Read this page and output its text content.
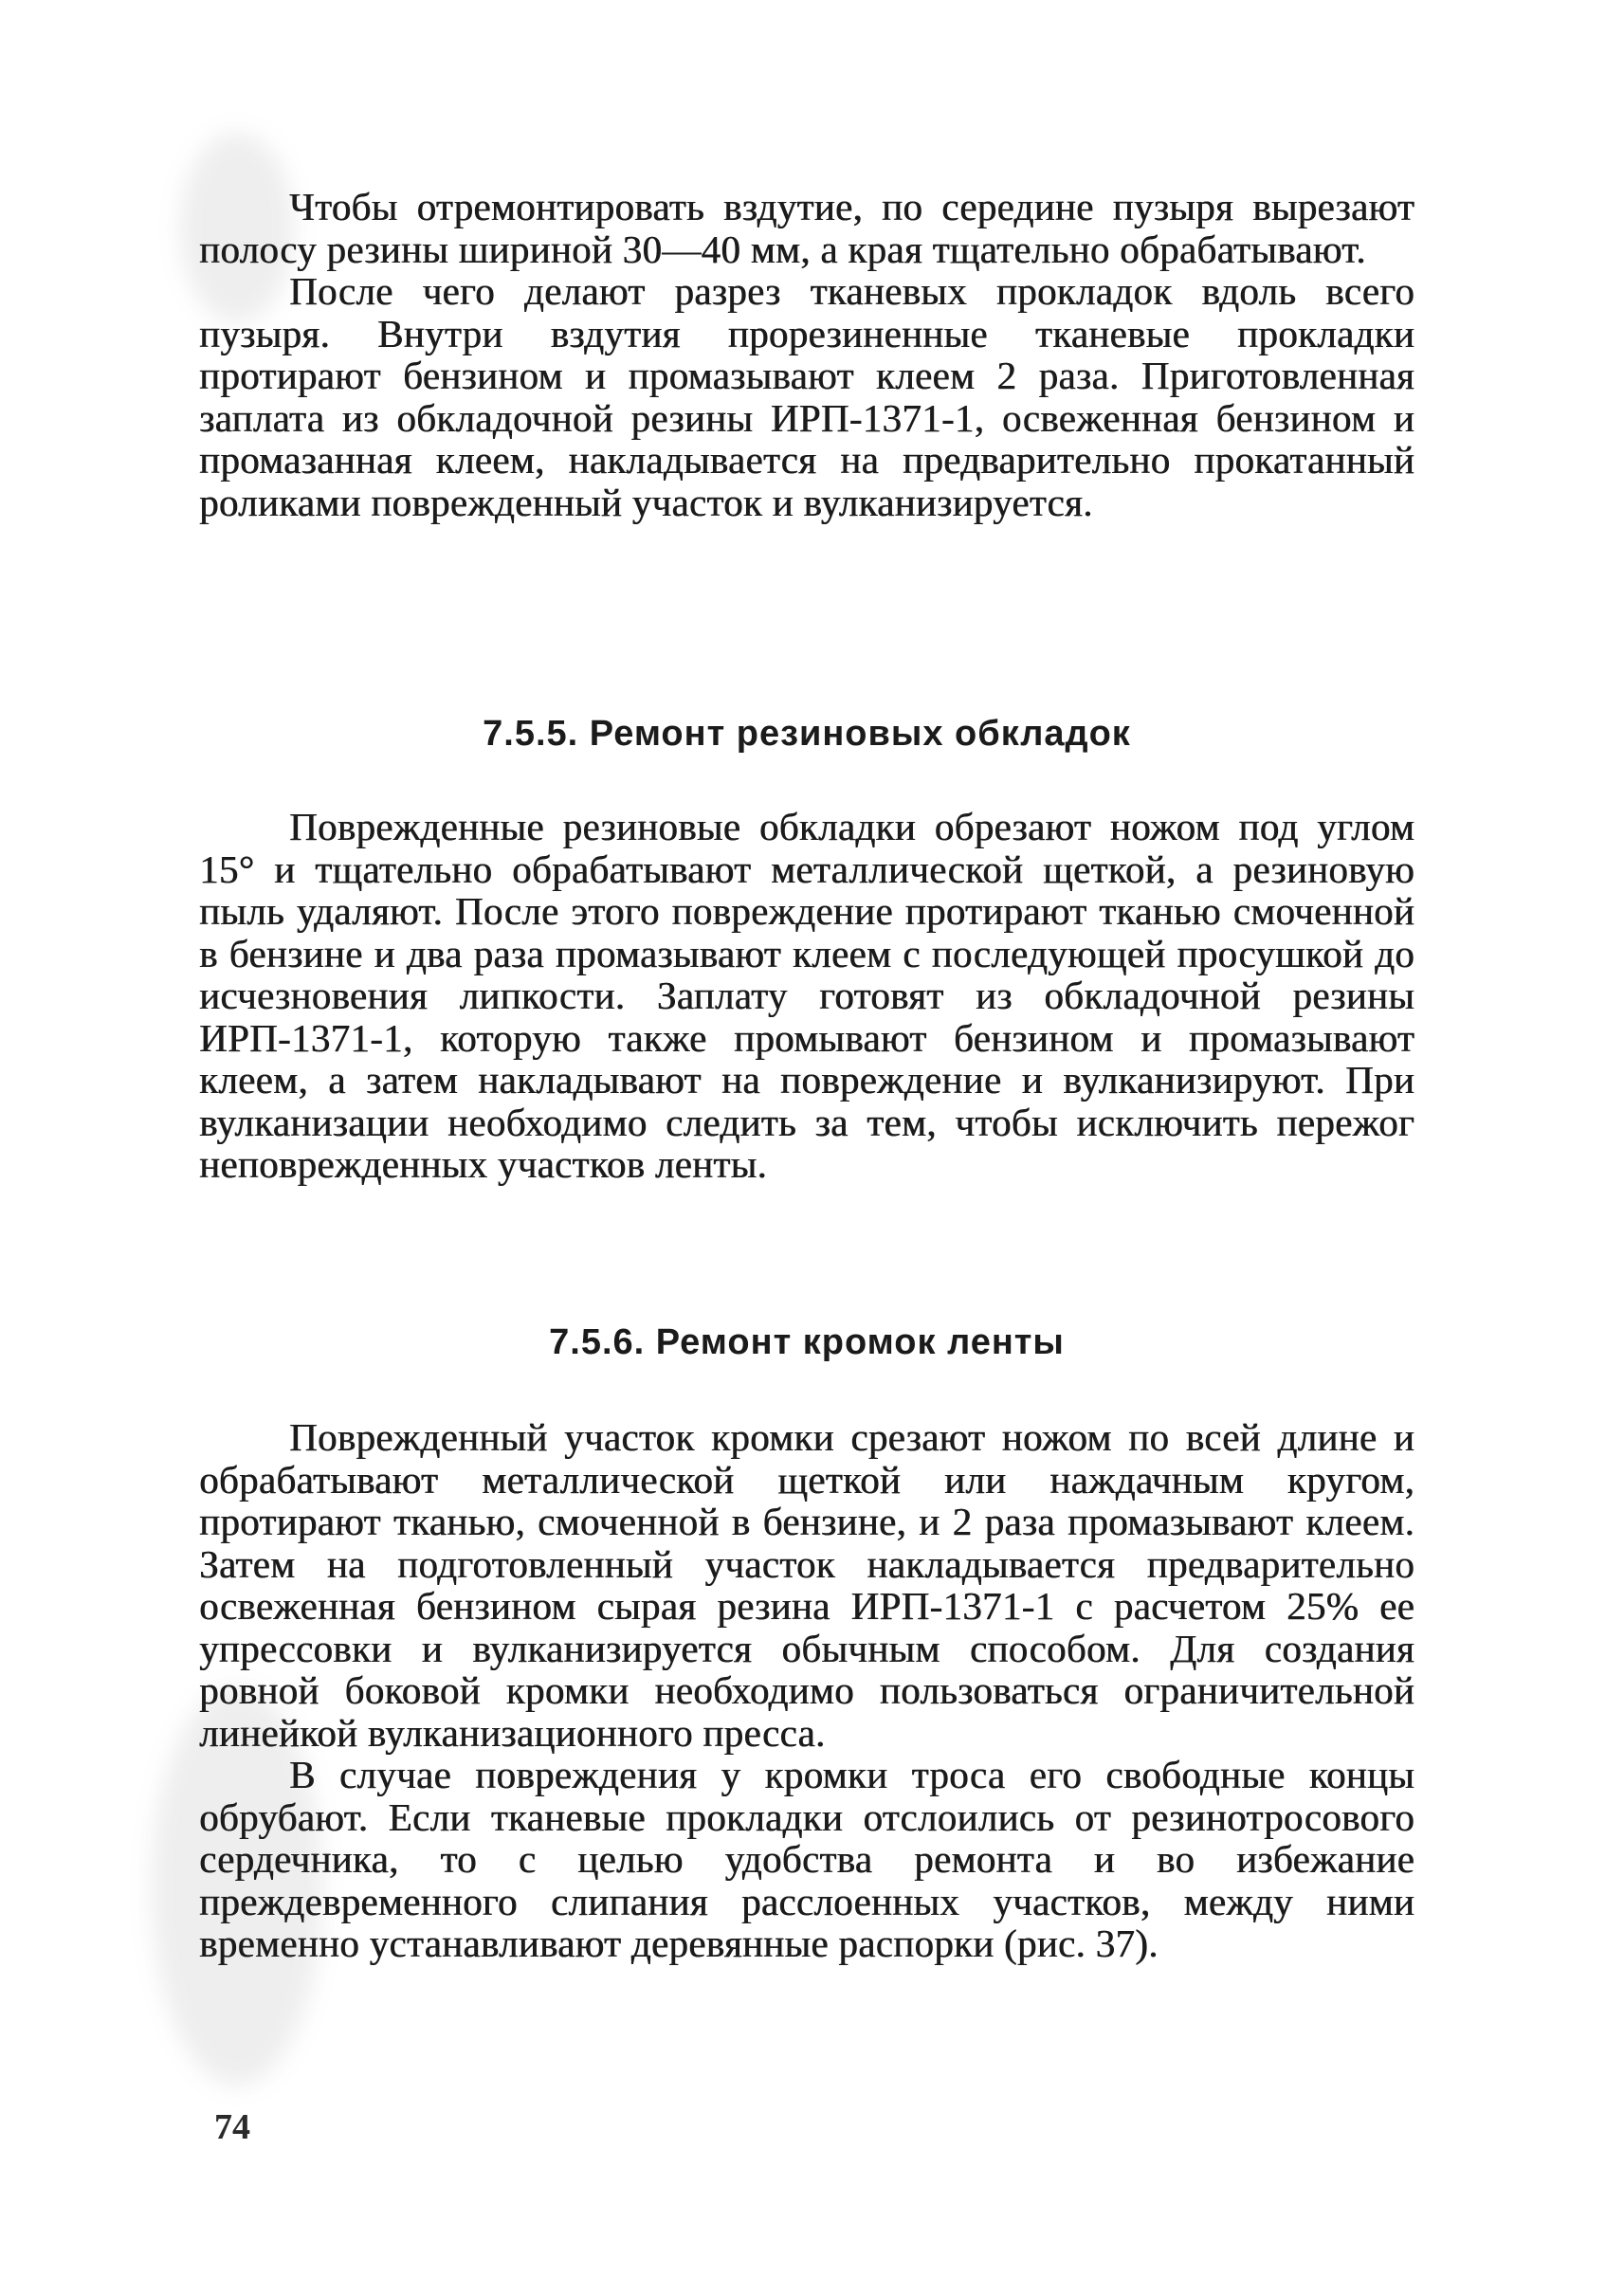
Чтобы отремонтировать вздутие, по середине пузыря вырезают полосу резины шириной 30—40 мм, а края тщательно обрабатывают.

После чего делают разрез тканевых прокладок вдоль всего пузыря. Внутри вздутия прорезиненные тканевые прокладки протирают бензином и промазывают клеем 2 раза. Приготовленная заплата из обкладочной резины ИРП-1371-1, освеженная бензином и промазанная клеем, накладывается на предварительно прокатанный роликами поврежденный участок и вулканизируется.

7.5.5. Ремонт резиновых обкладок

Поврежденные резиновые обкладки обрезают ножом под углом 15° и тщательно обрабатывают металлической щеткой, а резиновую пыль удаляют. После этого повреждение протирают тканью смоченной в бензине и два раза промазывают клеем с последующей просушкой до исчезновения липкости. Заплату готовят из обкладочной резины ИРП-1371-1, которую также промывают бензином и промазывают клеем, а затем накладывают на повреждение и вулканизируют. При вулканизации необходимо следить за тем, чтобы исключить пережог неповрежденных участков ленты.

7.5.6. Ремонт кромок ленты

Поврежденный участок кромки срезают ножом по всей длине и обрабатывают металлической щеткой или наждачным кругом, протирают тканью, смоченной в бензине, и 2 раза промазывают клеем. Затем на подготовленный участок накладывается предварительно освеженная бензином сырая резина ИРП-1371-1 с расчетом 25% ее упрессовки и вулканизируется обычным способом. Для создания ровной боковой кромки необходимо пользоваться ограничительной линейкой вулканизационного пресса.

В случае повреждения у кромки троса его свободные концы обрубают. Если тканевые прокладки отслоились от резинотросового сердечника, то с целью удобства ремонта и во избежание преждевременного слипания расслоенных участков, между ними временно устанавливают деревянные распорки (рис. 37).

74
